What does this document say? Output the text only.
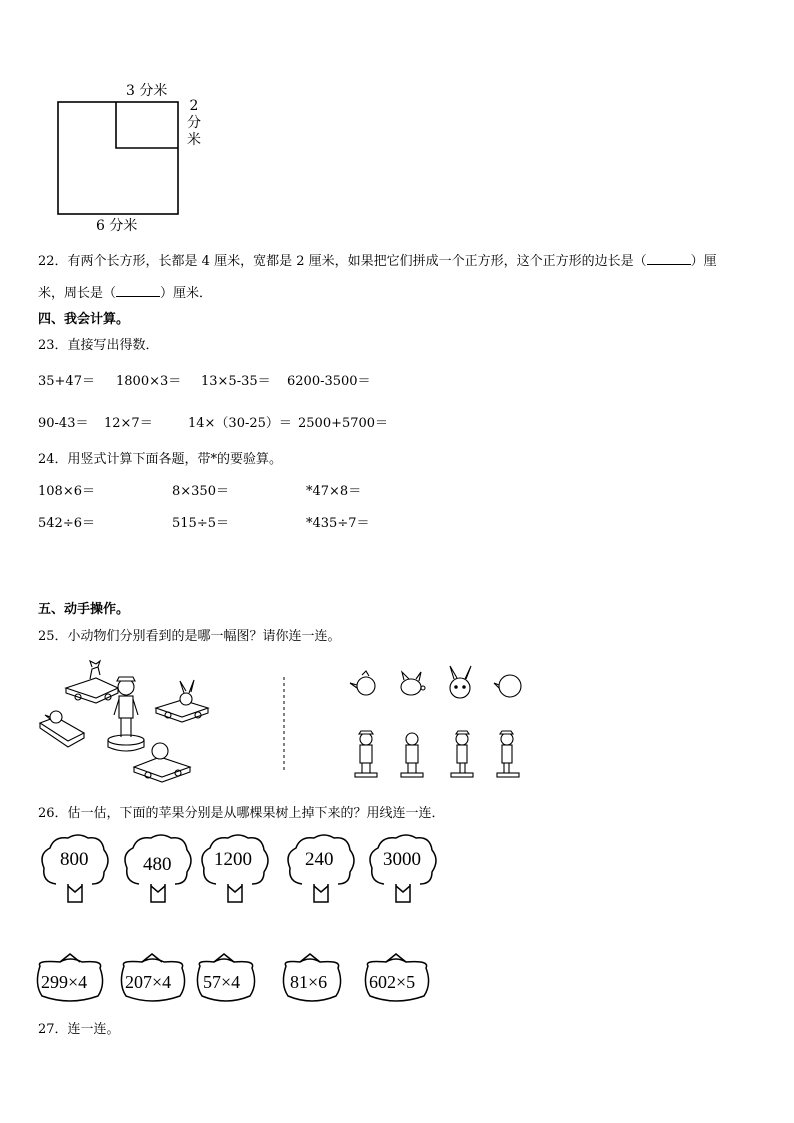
3 分米
2
分
米
6 分米
22．有两个长方形，长都是 4 厘米，宽都是 2 厘米，如果把它们拼成一个正方形，这个正方形的边长是（	）厘
米，周长是（	）厘米．
四、我会计算。
23．直接写出得数．
35+47＝ 1800×3＝ 13×5-35＝ 6200-3500＝
90-43＝ 12×7＝	14×（30-25）＝ 2500+5700＝
24．用竖式计算下面各题，带*的要验算。
108×6＝	8×350＝	*47×8＝
542÷6＝	515÷5＝	*435÷7＝
五、动手操作。
25．小动物们分别看到的是哪一幅图？请你连一连。
26．估一估，下面的苹果分别是从哪棵果树上掉下来的？用线连一连．
800	480 1200	240	3000
299×4 207×4 57×4	81×6 602×5
27．连一连。
